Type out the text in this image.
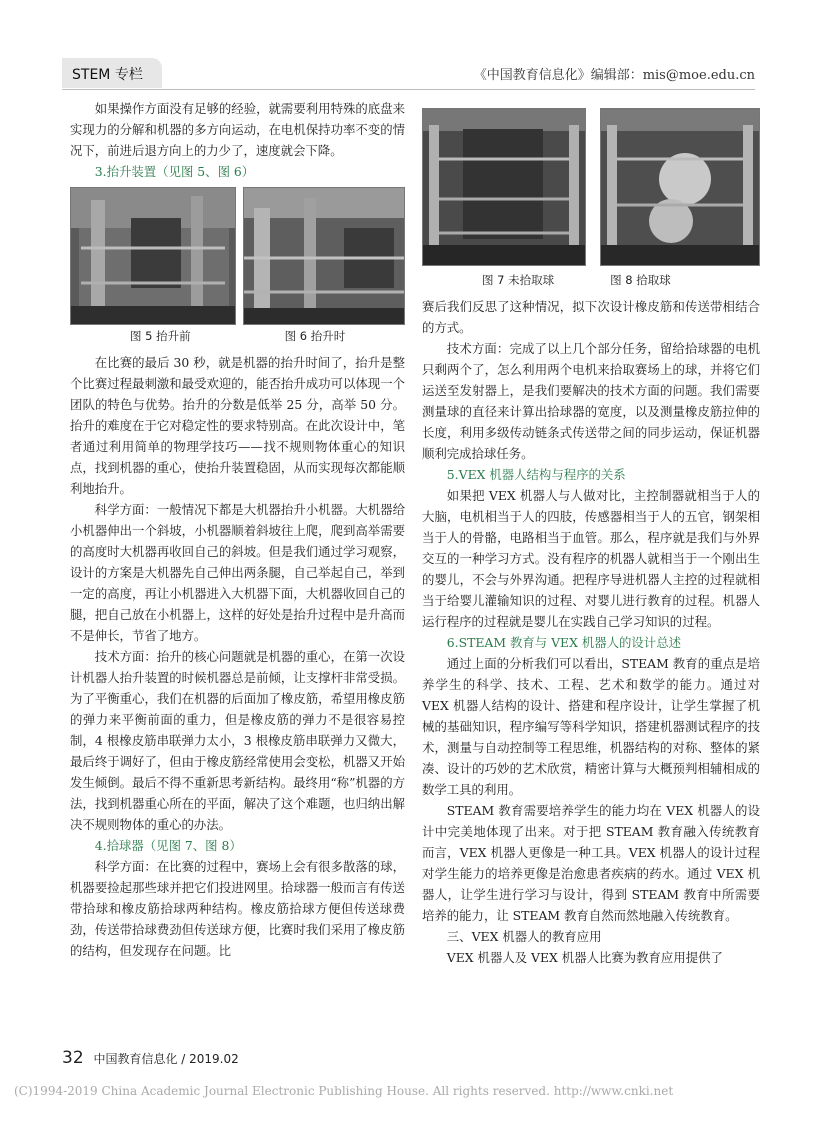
STEM 专栏	《中国教育信息化》编辑部：mis@moe.edu.cn

如果操作方面没有足够的经验，就需要利用特殊的底盘来实现力的分解和机器的多方向运动，在电机保持功率不变的情况下，前进后退方向上的力少了，速度就会下降。

3.抬升装置（见图 5、图 6）

图 5 抬升前	图 6 抬升时

在比赛的最后 30 秒，就是机器的抬升时间了，抬升是整个比赛过程最刺激和最受欢迎的，能否抬升成功可以体现一个团队的特色与优势。抬升的分数是低举 25 分，高举 50 分。抬升的难度在于它对稳定性的要求特别高。在此次设计中，笔者通过利用简单的物理学技巧——找不规则物体重心的知识点，找到机器的重心，使抬升装置稳固，从而实现每次都能顺利地抬升。

科学方面：一般情况下都是大机器抬升小机器。大机器给小机器伸出一个斜坡，小机器顺着斜坡往上爬，爬到高举需要的高度时大机器再收回自己的斜坡。但是我们通过学习观察，设计的方案是大机器先自己伸出两条腿，自己举起自己，举到一定的高度，再让小机器进入大机器下面，大机器收回自己的腿，把自己放在小机器上，这样的好处是抬升过程中是升高而不是伸长，节省了地方。

技术方面：抬升的核心问题就是机器的重心，在第一次设计机器人抬升装置的时候机器总是前倾，让支撑杆非常受损。为了平衡重心，我们在机器的后面加了橡皮筋，希望用橡皮筋的弹力来平衡前面的重力，但是橡皮筋的弹力不是很容易控制，4 根橡皮筋串联弹力太小，3 根橡皮筋串联弹力又微大，最后终于调好了，但由于橡皮筋经常使用会变松，机器又开始发生倾倒。最后不得不重新思考新结构。最终用“称”机器的方法，找到机器重心所在的平面，解决了这个难题，也归纳出解决不规则物体的重心的办法。

4.拾球器（见图 7、图 8）

科学方面：在比赛的过程中，赛场上会有很多散落的球，机器要捡起那些球并把它们投进网里。拾球器一般而言有传送带拾球和橡皮筋拾球两种结构。橡皮筋拾球方便但传送球费劲，传送带拾球费劲但传送球方便，比赛时我们采用了橡皮筋的结构，但发现存在问题。比

图 7 未拾取球	图 8 拾取球

赛后我们反思了这种情况，拟下次设计橡皮筋和传送带相结合的方式。

技术方面：完成了以上几个部分任务，留给拾球器的电机只剩两个了，怎么利用两个电机来拾取赛场上的球，并将它们运送至发射器上，是我们要解决的技术方面的问题。我们需要测量球的直径来计算出拾球器的宽度，以及测量橡皮筋拉伸的长度，利用多级传动链条式传送带之间的同步运动，保证机器顺利完成拾球任务。

5.VEX 机器人结构与程序的关系

如果把 VEX 机器人与人做对比，主控制器就相当于人的大脑，电机相当于人的四肢，传感器相当于人的五官，钢架相当于人的骨骼，电路相当于血管。那么，程序就是我们与外界交互的一种学习方式。没有程序的机器人就相当于一个刚出生的婴儿，不会与外界沟通。把程序导进机器人主控的过程就相当于给婴儿灌输知识的过程、对婴儿进行教育的过程。机器人运行程序的过程就是婴儿在实践自己学习知识的过程。

6.STEAM 教育与 VEX 机器人的设计总述

通过上面的分析我们可以看出，STEAM 教育的重点是培养学生的科学、技术、工程、艺术和数学的能力。通过对 VEX 机器人结构的设计、搭建和程序设计，让学生掌握了机械的基础知识，程序编写等科学知识，搭建机器测试程序的技术，测量与自动控制等工程思维，机器结构的对称、整体的紧凑、设计的巧妙的艺术欣赏，精密计算与大概预判相辅相成的数学工具的利用。

STEAM 教育需要培养学生的能力均在 VEX 机器人的设计中完美地体现了出来。对于把 STEAM 教育融入传统教育而言，VEX 机器人更像是一种工具。VEX 机器人的设计过程对学生能力的培养更像是治愈患者疾病的药水。通过 VEX 机器人，让学生进行学习与设计，得到 STEAM 教育中所需要培养的能力，让 STEAM 教育自然而然地融入传统教育。

三、VEX 机器人的教育应用

VEX 机器人及 VEX 机器人比赛为教育应用提供了

32 中国教育信息化 / 2019.02
(C)1994-2019 China Academic Journal Electronic Publishing House. All rights reserved. http://www.cnki.net
